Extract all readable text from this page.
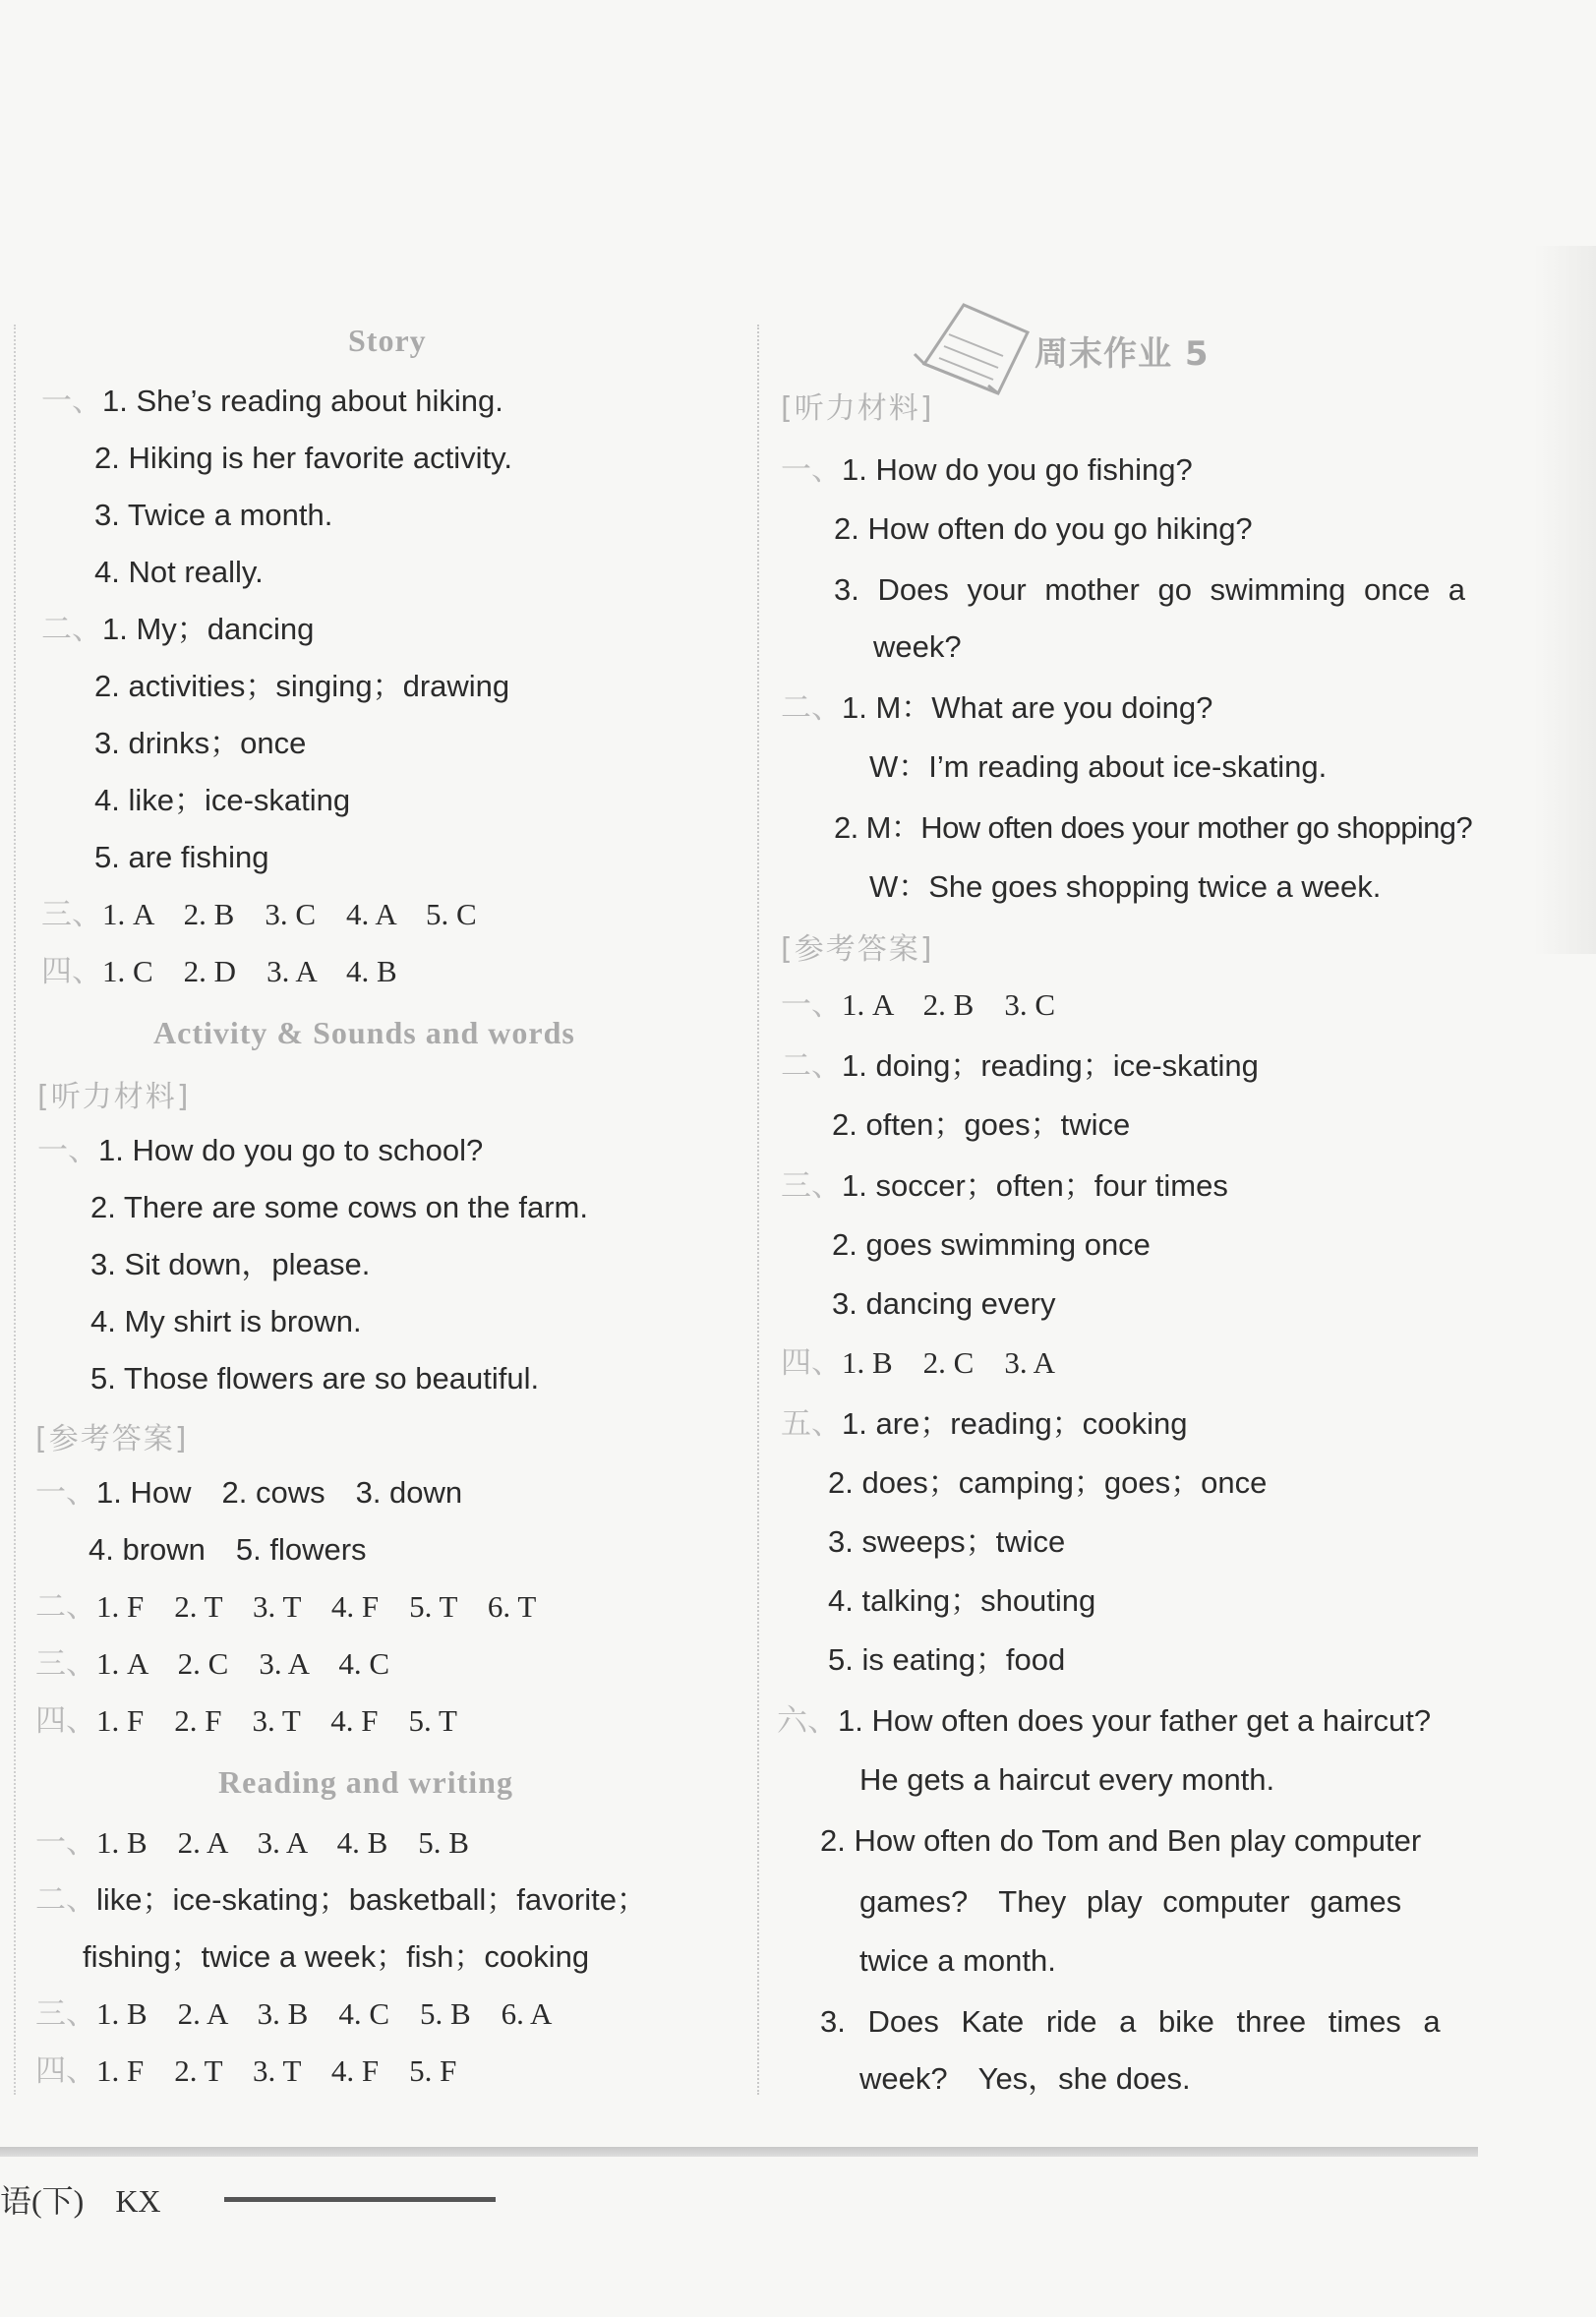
Story
一、1. She’s reading about hiking.
2. Hiking is her favorite activity.
3. Twice a month.
4. Not really.
二、1. My；dancing
2. activities；singing；drawing
3. drinks；once
4. like；ice-skating
5. are fishing
三、1. A　2. B　3. C　4. A　5. C
四、1. C　2. D　3. A　4. B
Activity & Sounds and words
[听力材料]
一、1. How do you go to school?
2. There are some cows on the farm.
3. Sit down，please.
4. My shirt is brown.
5. Those flowers are so beautiful.
[参考答案]
一、1. How　2. cows　3. down
4. brown　5. flowers
二、1. F　2. T　3. T　4. F　5. T　6. T
三、1. A　2. C　3. A　4. C
四、1. F　2. F　3. T　4. F　5. T
Reading and writing
一、1. B　2. A　3. A　4. B　5. B
二、like；ice-skating；basketball；favorite；
fishing；twice a week；fish；cooking
三、1. B　2. A　3. B　4. C　5. B　6. A
四、1. F　2. T　3. T　4. F　5. F
周末作业 5
[听力材料]
一、1. How do you go fishing?
2. How often do you go hiking?
3. Does your mother go swimming once a
week?
二、1. M：What are you doing?
W：I’m reading about ice-skating.
2. M：How often does your mother go shopping?
W：She goes shopping twice a week.
[参考答案]
一、1. A　2. B　3. C
二、1. doing；reading；ice-skating
2. often；goes；twice
三、1. soccer；often；four times
2. goes swimming once
3. dancing every
四、1. B　2. C　3. A
五、1. are；reading；cooking
2. does；camping；goes；once
3. sweeps；twice
4. talking；shouting
5. is eating；food
六、1. How often does your father get a haircut?
He gets a haircut every month.
2. How often do Tom and Ben play computer
games?　They play computer games
twice a month.
3. Does Kate ride a bike three times a
week?　Yes，she does.
语(下)　KX
